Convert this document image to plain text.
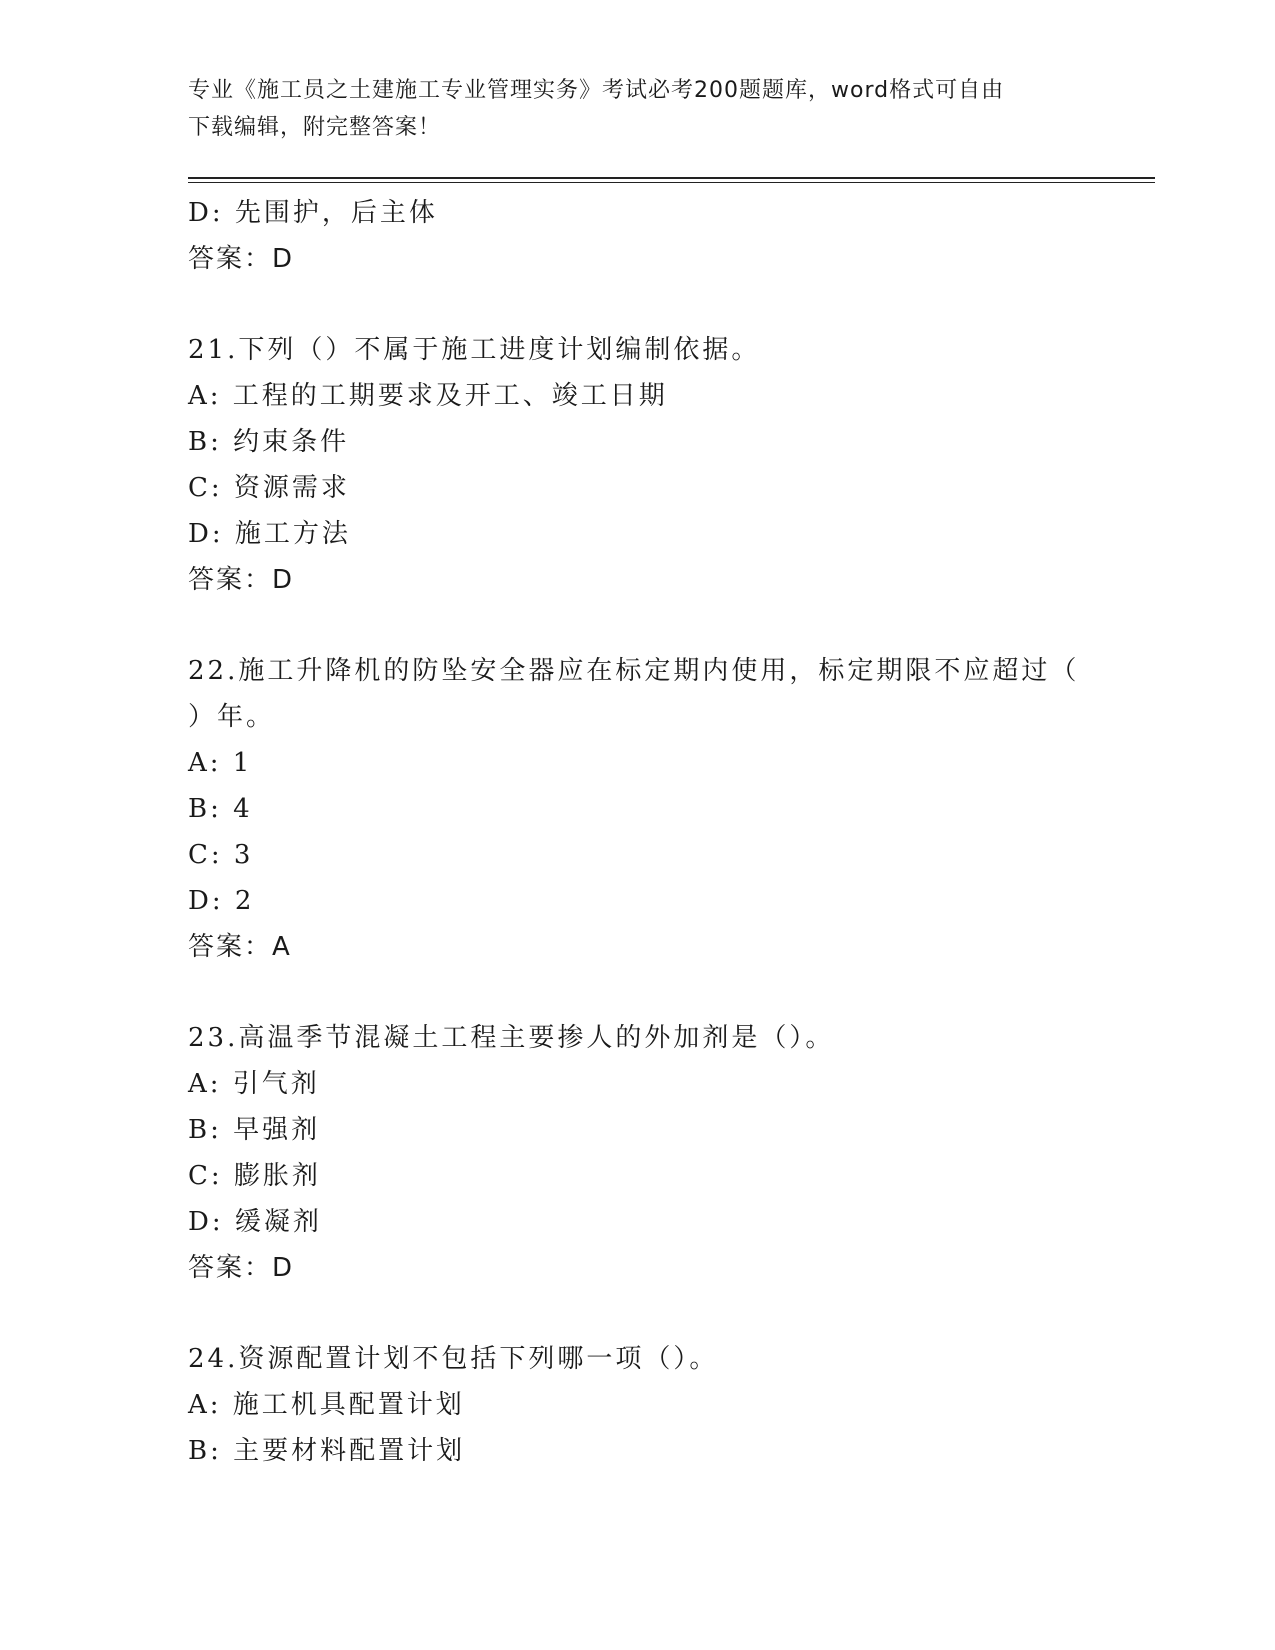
专业《施工员之土建施工专业管理实务》考试必考200题题库，word格式可自由
下载编辑，附完整答案！
D: 先围护，后主体
答案：D
21.下列（）不属于施工进度计划编制依据。
A: 工程的工期要求及开工、竣工日期
B: 约束条件
C: 资源需求
D: 施工方法
答案：D
22.施工升降机的防坠安全器应在标定期内使用，标定期限不应超过（
）年。
A: 1
B: 4
C: 3
D: 2
答案：A
23.高温季节混凝土工程主要掺人的外加剂是（）。
A: 引气剂
B: 早强剂
C: 膨胀剂
D: 缓凝剂
答案：D
24.资源配置计划不包括下列哪一项（）。
A: 施工机具配置计划
B: 主要材料配置计划
